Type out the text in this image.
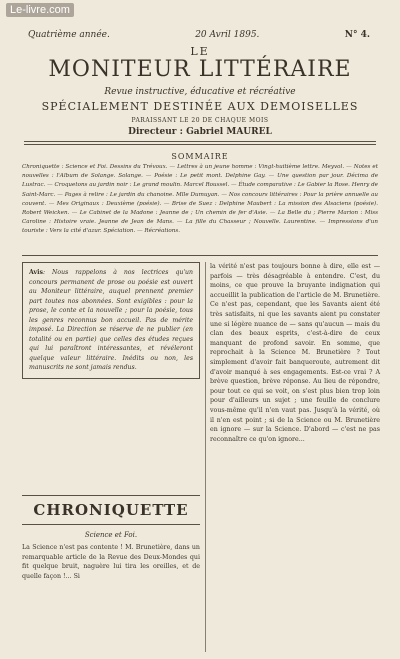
Le-livre.com
Quatrième année.	20 Avril 1895.	N° 4.
LE
MONITEUR LITTÉRAIRE
Revue instructive, éducative et récréative
SPÉCIALEMENT DESTINÉE AUX DEMOISELLES
PARAISSANT LE 20 DE CHAQUE MOIS
Directeur : Gabriel MAUREL
SOMMAIRE
Chroniquette : Science et Foi. Dessins du Trévoux. — Lettres à un jeune homme : Vingt-huitième lettre. Meyvol. — Notes et nouvelles : l'Album de Solange. Solange. — Poésie : Le petit mont. Delphine Gay. — Une question par jour. Décima de Lustrac. — Croquetons au jardin noir : Le grand moulin. Marcel Roussel. — Étude comparative : Le Gabier la Rose. Henry de Saint-Marc. — Pages à relire : Le jardin du chanoine. Mlle Dumuyan. — Nos concours littéraires : Pour la prière annuelle au couvent. — Mes Originaux : Deuxième (poésie). — Brise de Suez : Delphine Maubert : La mission des Alsaciens (poésie). Robert Weicken. — Le Cabinet de la Madone : Jeanne de ; Un chemin de fer d'Asie. — La Belle du ; Pierre Marion : Miss Caroline : Histoire vraie. Jeanne de Jean de Mans. — La fille du Chasseur ; Nouvelle. Laurentine. — Impressions d'un touriste : Vers la cité d'azur. Spéciation. — Récréations.
Avis: Nous rappelons à nos lectrices qu'un concours permanent de prose ou poésie est ouvert au Moniteur littéraire, auquel prennent premier part toutes nos abonnées. Sont exigibles : pour la prose, le conte et la nouvelle ; pour la poésie, tous les genres reconnus bon accueil. Pas de mérite imposé. La Direction se réserve de ne publier (en totalité ou en partie) que celles des études reçues qui lui paraîtront intéressantes, et révéleront quelque valeur littéraire. Inédits ou non, les manuscrits ne sont jamais rendus.
la vérité n'est pas toujours bonne à dire, elle est — parfois — très désagréable à entendre. C'est, du moins, ce que prouve la bruyante indignation qui accueillit la publication de l'article de M. Brunetière. Ce n'est pas, cependant, que les Savants aient été très satisfaits, ni que les savants aient pu constater une si légère nuance de — sans qu'aucun — mais du clan des beaux esprits, c'est-à-dire de ceux manquant de profond savoir. En somme, que reprochait à la Science M. Brunetière ? Tout simplement d'avoir fait banqueroute, autrement dit d'avoir manqué à ses engagements. Est-ce vrai ? A brève question, brève réponse. Au lieu de répondre, pour tout ce qui se voit, on s'est plus bien trop loin pour d'ailleurs un sujet ; une feuille de conclure vous-même qu'il n'en vaut pas. Jusqu'à la vérité, où il n'en est point ; si de la Science ou M. Brunetière en ignore — sur la Science. D'abord — c'est ne pas reconnaître ce qu'on ignore...
CHRONIQUETTE
Science et Foi.
La Science n'est pas contente ! M. Brunetière, dans un remarquable article de la Revue des Deux-Mondes qui fit quelque bruit, naguère lui tira les oreilles, et de quelle façon !... Si
